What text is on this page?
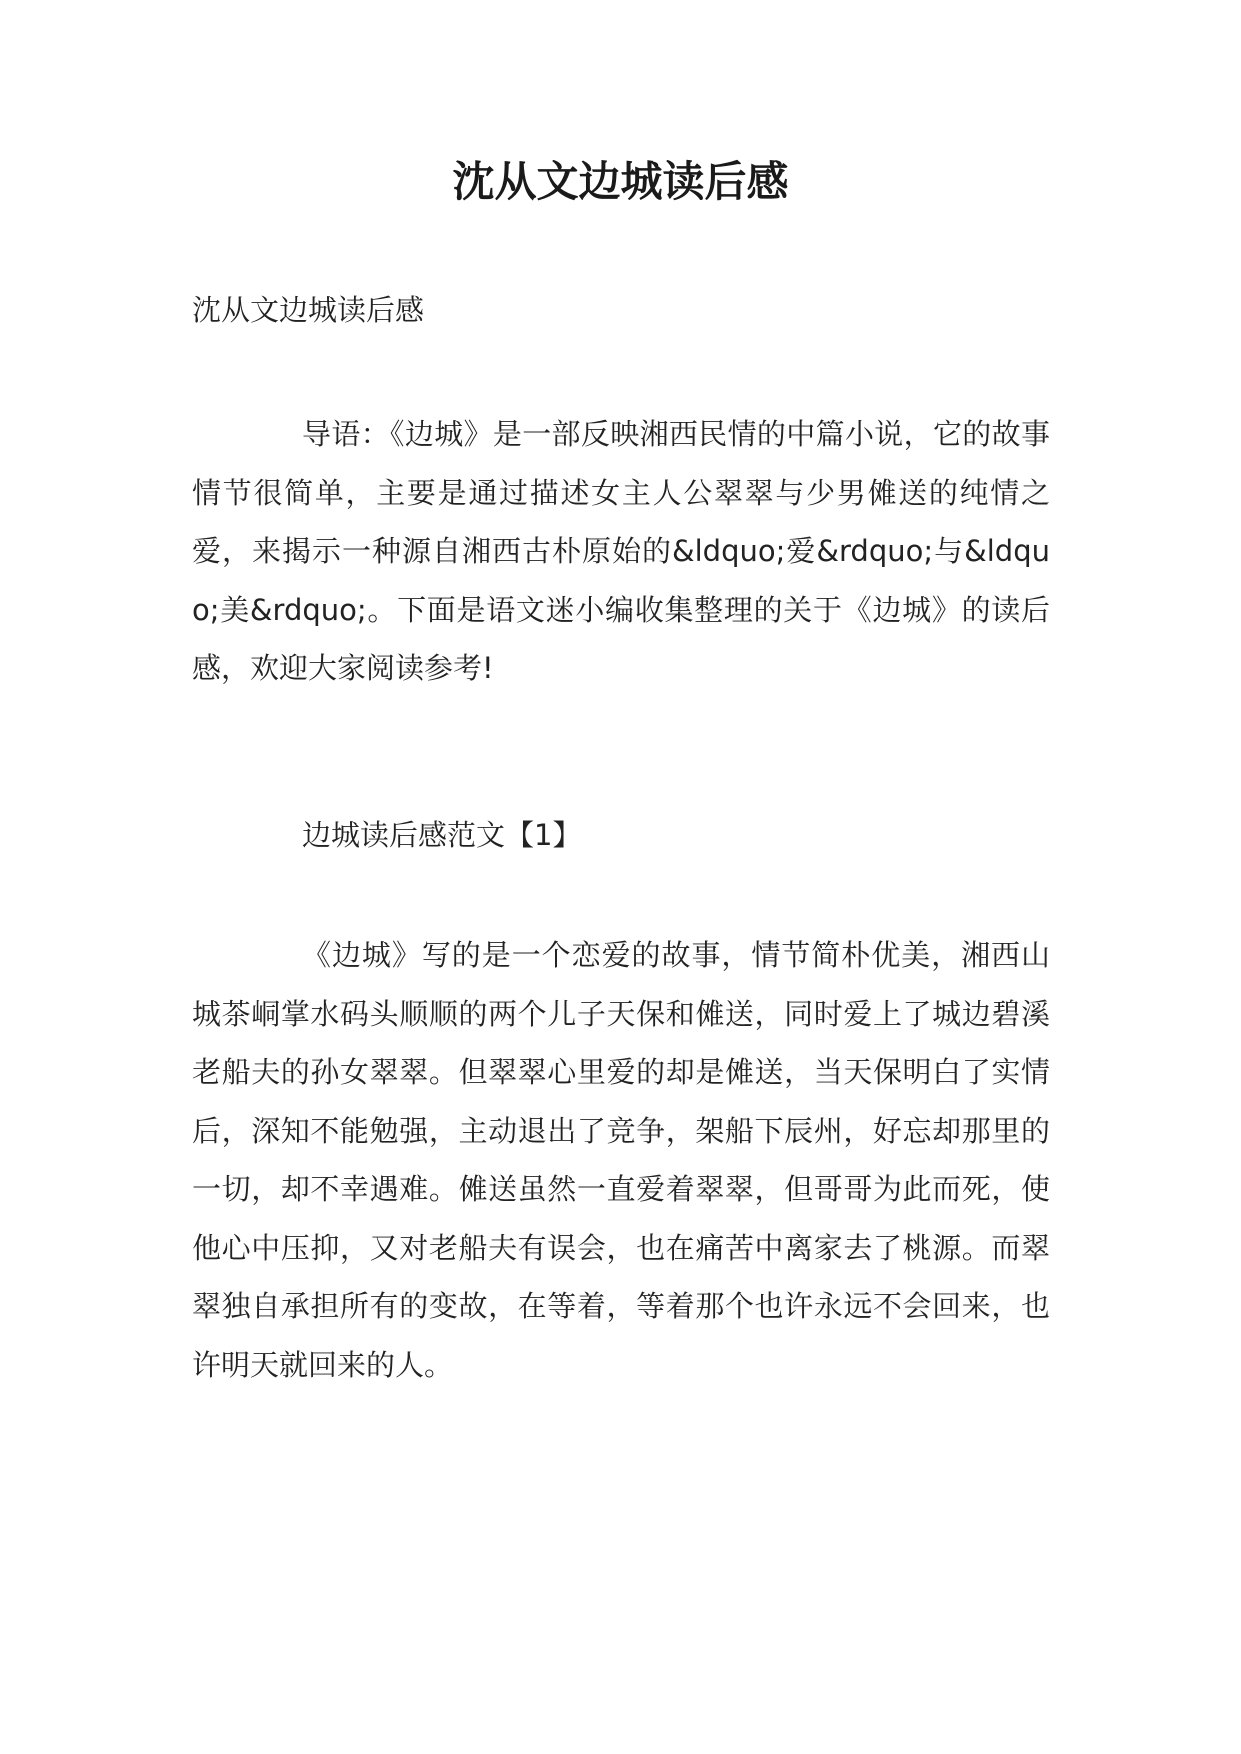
沈从文边城读后感

沈从文边城读后感

导语：《边城》是一部反映湘西民情的中篇小说，它的故事情节很简单，主要是通过描述女主人公翠翠与少男傩送的纯情之爱，来揭示一种源自湘西古朴原始的&ldquo;爱&rdquo;与&ldquo;美&rdquo;。下面是语文迷小编收集整理的关于《边城》的读后感，欢迎大家阅读参考!

边城读后感范文【1】

《边城》写的是一个恋爱的故事，情节简朴优美，湘西山城茶峒掌水码头顺顺的两个儿子天保和傩送，同时爱上了城边碧溪老船夫的孙女翠翠。但翠翠心里爱的却是傩送，当天保明白了实情后，深知不能勉强，主动退出了竞争，架船下辰州，好忘却那里的一切，却不幸遇难。傩送虽然一直爱着翠翠，但哥哥为此而死，使他心中压抑，又对老船夫有误会，也在痛苦中离家去了桃源。而翠翠独自承担所有的变故，在等着，等着那个也许永远不会回来，也许明天就回来的人。
